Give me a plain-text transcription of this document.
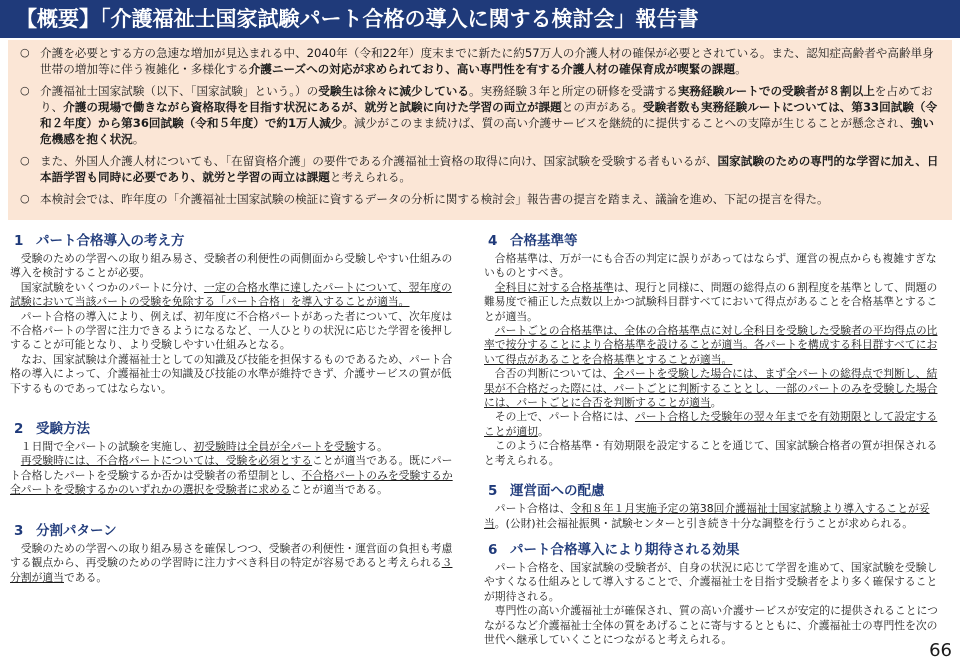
【概要】「介護福祉士国家試験パート合格の導入に関する検討会」報告書
○ 介護を必要とする方の急速な増加が見込まれる中、2040年（令和22年）度末までに新たに約57万人の介護人材の確保が必要とされている。また、認知症高齢者や高齢単身世帯の増加等に伴う複雑化・多様化する介護ニーズへの対応が求められており、高い専門性を有する介護人材の確保育成が喫緊の課題。
○ 介護福祉士国家試験（以下、「国家試験」という。）の受験生は徐々に減少している。実務経験３年と所定の研修を受講する実務経験ルートでの受験者が８割以上を占めており、介護の現場で働きながら資格取得を目指す状況にあるが、就労と試験に向けた学習の両立が課題との声がある。受験者数も実務経験ルートについては、第33回試験（令和２年度）から第36回試験（令和５年度）で約1万人減少。減少がこのまま続けば、質の高い介護サービスを継続的に提供することへの支障が生じることが懸念され、強い危機感を抱く状況。
○ また、外国人介護人材についても、「在留資格介護」の要件である介護福祉士資格の取得に向け、国家試験を受験する者もいるが、国家試験のための専門的な学習に加え、日本語学習も同時に必要であり、就労と学習の両立は課題と考えられる。
○ 本検討会では、昨年度の「介護福祉士国家試験の検証に資するデータの分析に関する検討会」報告書の提言を踏まえ、議論を進め、下記の提言を得た。
1 パート合格導入の考え方
受験のための学習への取り組み易さ、受験者の利便性の両側面から受験しやすい仕組みの導入を検討することが必要。
国家試験をいくつかのパートに分け、一定の合格水準に達したパートについて、翌年度の試験において当該パートの受験を免除する「パート合格」を導入することが適当。
パート合格の導入により、例えば、初年度に不合格パートがあった者について、次年度は不合格パートの学習に注力できるようになるなど、一人ひとりの状況に応じた学習を後押しすることが可能となり、より受験しやすい仕組みとなる。
なお、国家試験は介護福祉士としての知識及び技能を担保するものであるため、パート合格の導入によって、介護福祉士の知識及び技能の水準が維持できず、介護サービスの質が低下するものであってはならない。
2 受験方法
１日間で全パートの試験を実施し、初受験時は全員が全パートを受験する。
再受験時には、不合格パートについては、受験を必須とすることが適当である。既にパート合格したパートを受験するか否かは受験者の希望制とし、不合格パートのみを受験するか全パートを受験するかのいずれかの選択を受験者に求めることが適当である。
3 分割パターン
受験のための学習への取り組み易さを確保しつつ、受験者の利便性・運営面の負担も考慮する観点から、再受験のための学習時に注力すべき科目の特定が容易であると考えられる３分割が適当である。
4 合格基準等
合格基準は、万が一にも合否の判定に誤りがあってはならず、運営の視点からも複雑すぎないものとすべき。
全科目に対する合格基準は、現行と同様に、問題の総得点の６割程度を基準として、問題の難易度で補正した点数以上かつ試験科目群すべてにおいて得点があることを合格基準とすることが適当。
パートごとの合格基準は、全体の合格基準点に対し全科目を受験した受験者の平均得点の比率で按分することにより合格基準を設けることが適当。各パートを構成する科目群すべてにおいて得点があることを合格基準とすることが適当。
合否の判断については、全パートを受験した場合には、まず全パートの総得点で判断し、結果が不合格だった際には、パートごとに判断することとし、一部のパートのみを受験した場合には、パートごとに合否を判断することが適当。
その上で、パート合格には、パート合格した受験年の翌々年までを有効期限として設定することが適切。
このように合格基準・有効期限を設定することを通じて、国家試験合格者の質が担保されると考えられる。
5 運営面への配慮
パート合格は、令和８年１月実施予定の第38回介護福祉士国家試験より導入することが妥当。(公財)社会福祉振興・試験センターと引き続き十分な調整を行うことが求められる。
6 パート合格導入により期待される効果
パート合格を、国家試験の受験者が、自身の状況に応じて学習を進めて、国家試験を受験しやすくなる仕組みとして導入することで、介護福祉士を目指す受験者をより多く確保することが期待される。
専門性の高い介護福祉士が確保され、質の高い介護サービスが安定的に提供されることにつながるなど介護福祉士全体の質をあげることに寄与するとともに、介護福祉士の専門性を次の世代へ継承していくことにつながると考えられる。
66
